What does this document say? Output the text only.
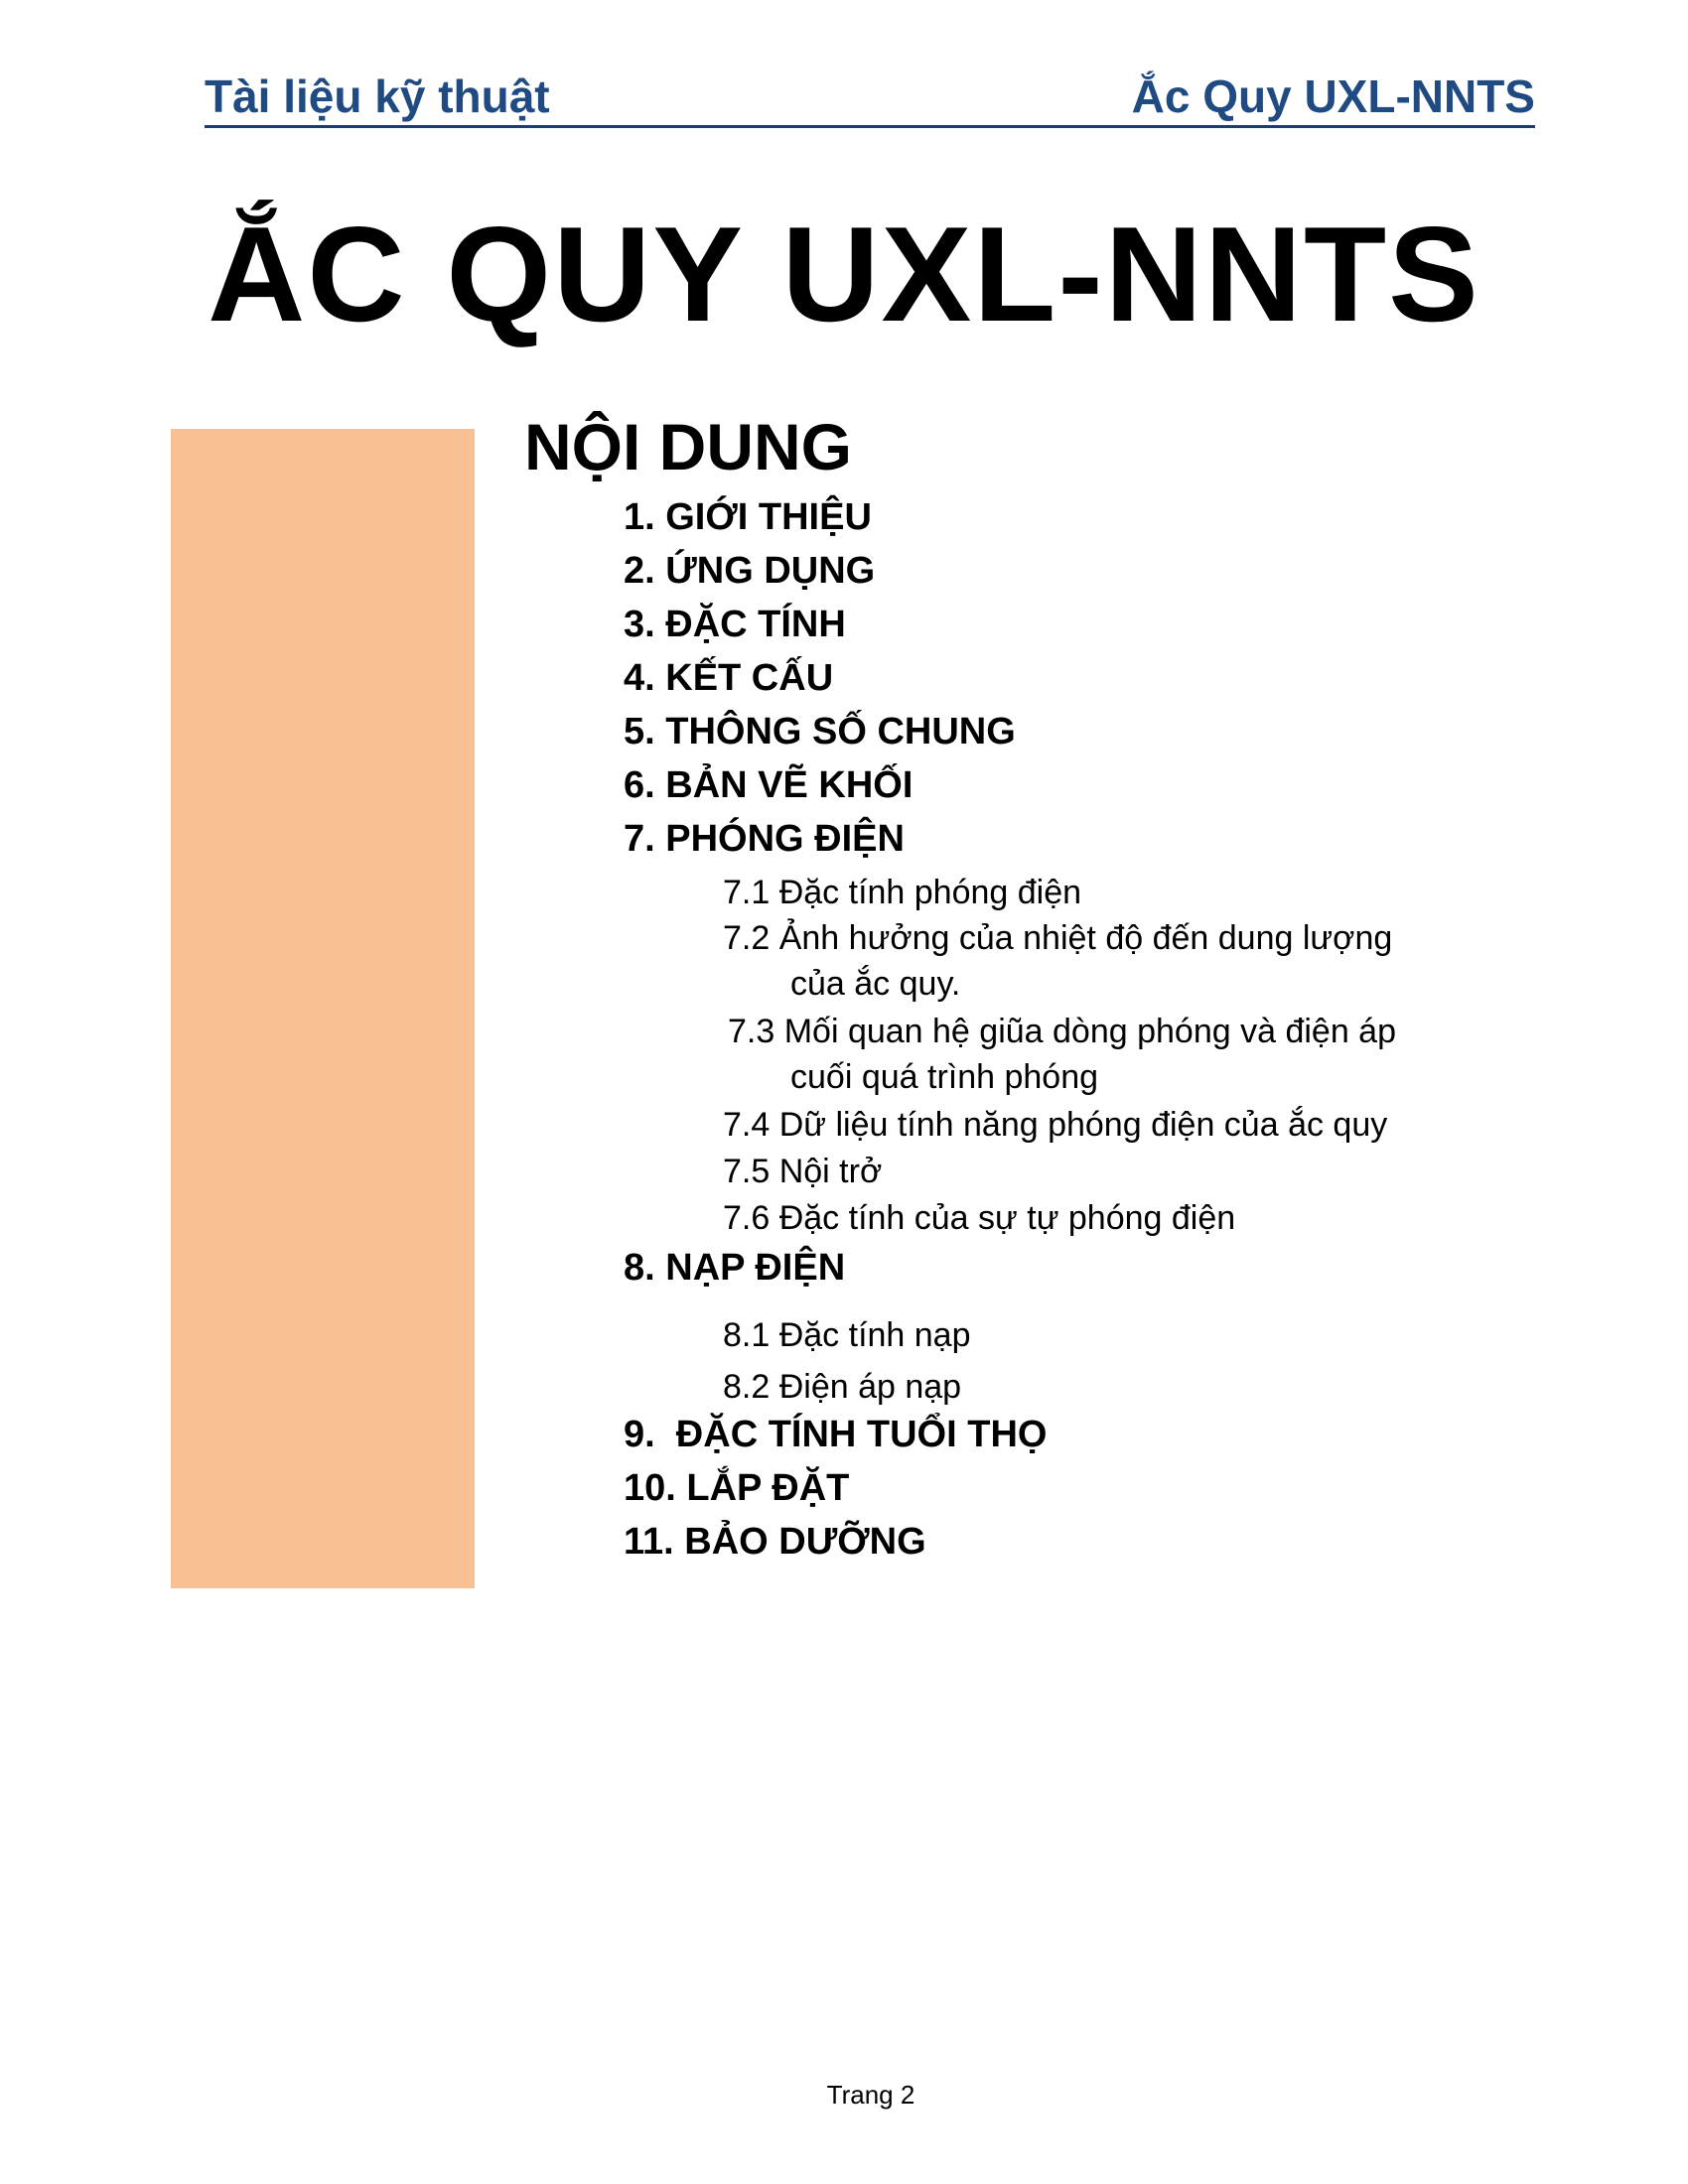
Tài liệu kỹ thuật	Ắc Quy UXL-NNTS
ẮC QUY UXL-NNTS
NỘI DUNG
1. GIỚI THIỆU
2. ỨNG DỤNG
3. ĐẶC TÍNH
4. KẾT CẤU
5. THÔNG SỐ CHUNG
6. BẢN VẼ KHỐI
7. PHÓNG ĐIỆN
7.1 Đặc tính phóng điện
7.2 Ảnh hưởng của nhiệt độ đến dung lượng
của ắc quy.
7.3 Mối quan hệ giũa dòng phóng và điện áp
cuối quá trình phóng
7.4 Dữ liệu tính năng phóng điện của ắc quy
7.5 Nội trở
7.6 Đặc tính của sự tự phóng điện
8. NẠP ĐIỆN
8.1 Đặc tính nạp
8.2 Điện áp nạp
9.  ĐẶC TÍNH TUỔI THỌ
10. LẮP ĐẶT
11. BẢO DƯỠNG
Trang 2
